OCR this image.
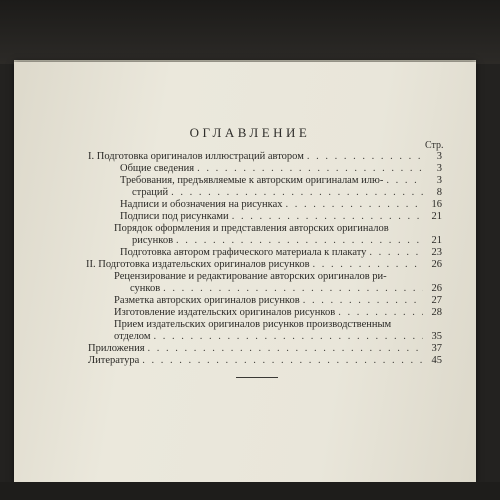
ОГЛАВЛЕНИЕ
Стр.
I. Подготовка оригиналов иллюстраций автором . . .	3
Общие сведения . . .	3
Требования, предъявляемые к авторским оригиналам илю- . . .	3
страций . . .	8
Надписи и обозначения на рисунках . . .	16
Подписи под рисунками . . .	21
Порядок оформления и представления авторских оригиналов
рисунков . . .	21
Подготовка автором графического материала к плакату . . .	23
II. Подготовка издательских оригиналов рисунков . . .	26
Рецензирование и редактирование авторских оригиналов ри-
сунков . . .	26
Разметка авторских оригиналов рисунков . . .	27
Изготовление издательских оригиналов рисунков . . .	28
Прием издательских оригиналов рисунков производственным
отделом . . .	35
Приложения . . .	37
Литература . . .	45
